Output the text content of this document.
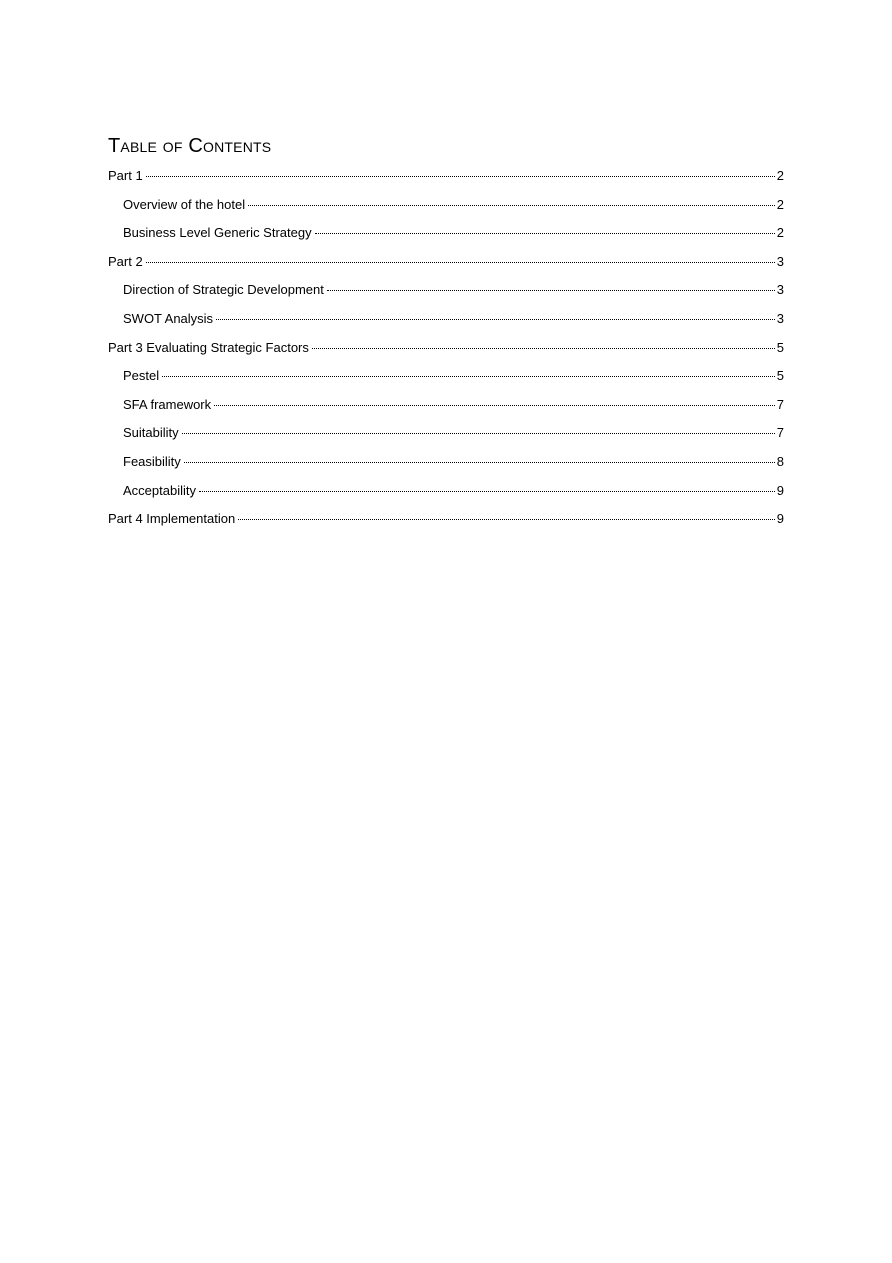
Table of Contents
Part 1	2
Overview of the hotel	2
Business Level Generic Strategy	2
Part 2	3
Direction of Strategic Development	3
SWOT Analysis	3
Part 3 Evaluating Strategic Factors	5
Pestel	5
SFA framework	7
Suitability	7
Feasibility	8
Acceptability	9
Part 4 Implementation	9
